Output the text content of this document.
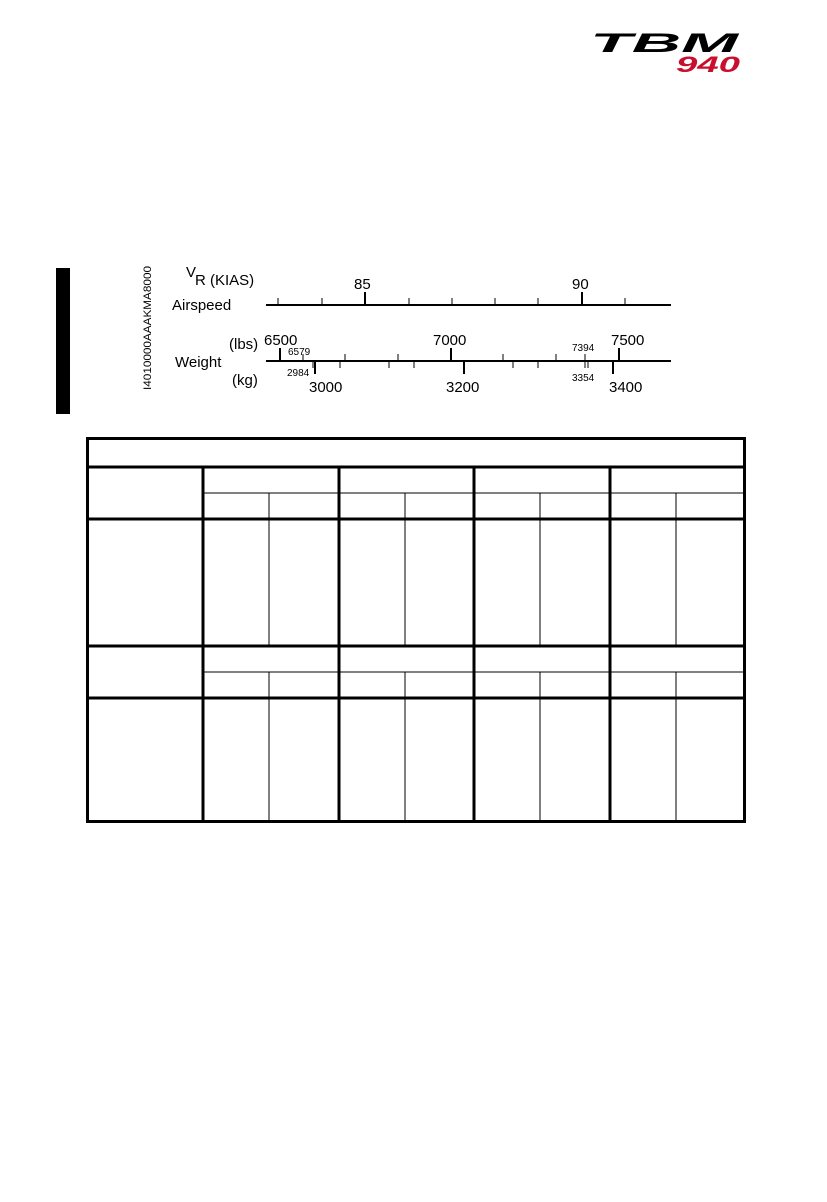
TBM
940
I4010000AAAKMA8000
V
R (KIAS)
Airspeed
85	90
(lbs)
Weight
(kg)
6500	7000	7500
6579	7394
2984	3354
3000	3200	3400
